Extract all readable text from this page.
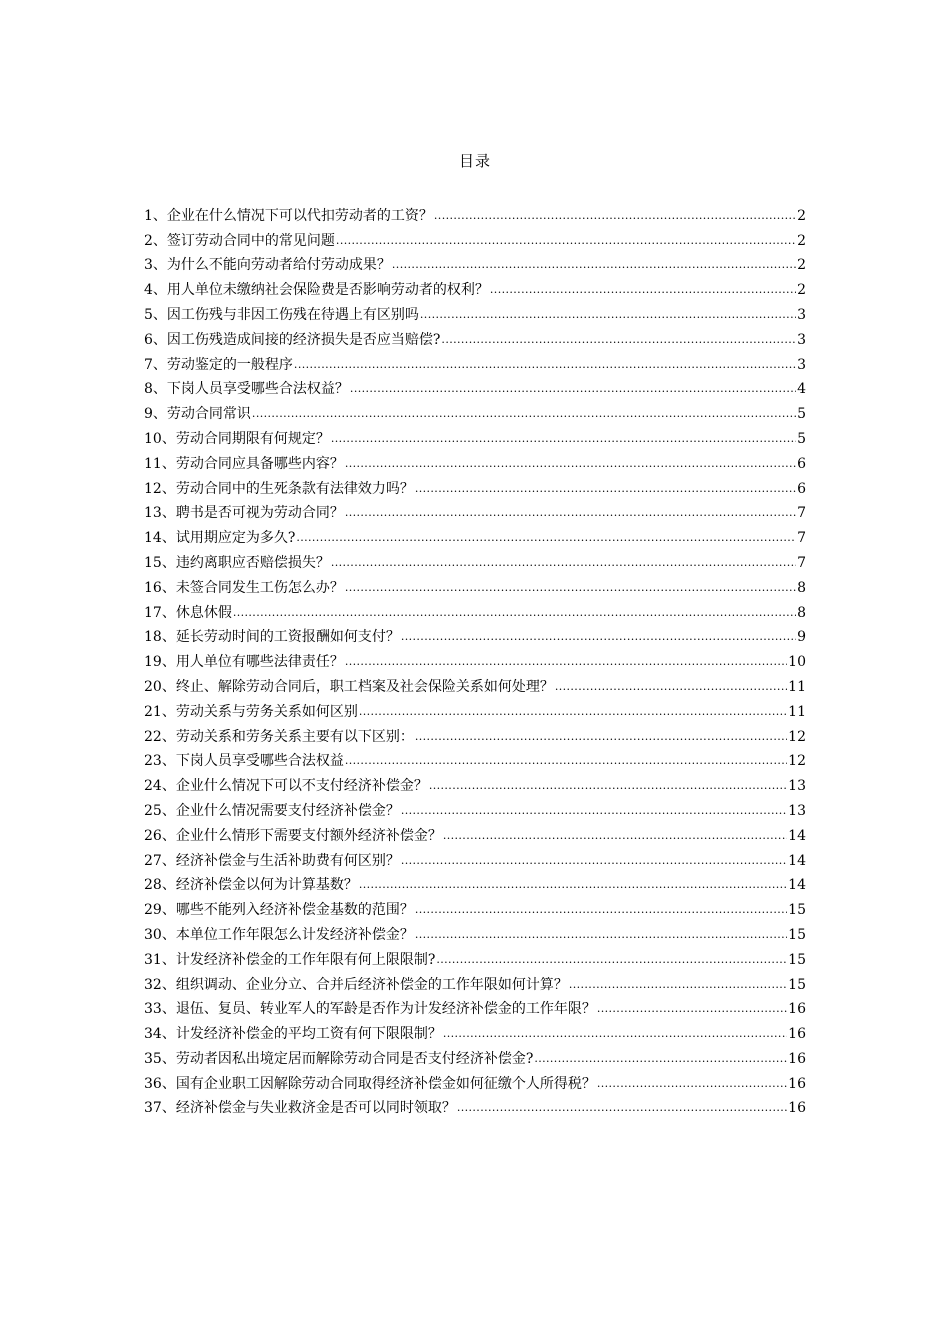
目录
1、企业在什么情况下可以代扣劳动者的工资？ .....	2
2、签订劳动合同中的常见问题 .....	2
3、为什么不能向劳动者给付劳动成果？ .....	2
4、用人单位未缴纳社会保险费是否影响劳动者的权利？ .....	2
5、因工伤残与非因工伤残在待遇上有区别吗 .....	3
6、因工伤残造成间接的经济损失是否应当赔偿? .....	3
7、劳动鉴定的一般程序 .....	3
8、下岗人员享受哪些合法权益？ .....	4
9、劳动合同常识 .....	5
10、劳动合同期限有何规定？ .....	5
11、劳动合同应具备哪些内容？ .....	6
12、劳动合同中的生死条款有法律效力吗？ .....	6
13、聘书是否可视为劳动合同？ .....	7
14、试用期应定为多久? .....	7
15、违约离职应否赔偿损失？ .....	7
16、未签合同发生工伤怎么办？ .....	8
17、休息休假 .....	8
18、延长劳动时间的工资报酬如何支付？ .....	9
19、用人单位有哪些法律责任？ .....	10
20、终止、解除劳动合同后，职工档案及社会保险关系如何处理？ .....	11
21、劳动关系与劳务关系如何区别 .....	11
22、劳动关系和劳务关系主要有以下区别： .....	12
23、下岗人员享受哪些合法权益 .....	12
24、企业什么情况下可以不支付经济补偿金？ .....	13
25、企业什么情况需要支付经济补偿金？ .....	13
26、企业什么情形下需要支付额外经济补偿金？ .....	14
27、经济补偿金与生活补助费有何区别？ .....	14
28、经济补偿金以何为计算基数？ .....	14
29、哪些不能列入经济补偿金基数的范围？ .....	15
30、本单位工作年限怎么计发经济补偿金？ .....	15
31、计发经济补偿金的工作年限有何上限限制? .....	15
32、组织调动、企业分立、合并后经济补偿金的工作年限如何计算？ .....	15
33、退伍、复员、转业军人的军龄是否作为计发经济补偿金的工作年限？ .....	16
34、计发经济补偿金的平均工资有何下限限制？ .....	16
35、劳动者因私出境定居而解除劳动合同是否支付经济补偿金? .....	16
36、国有企业职工因解除劳动合同取得经济补偿金如何征缴个人所得税？ .....	16
37、经济补偿金与失业救济金是否可以同时领取？ .....	16
